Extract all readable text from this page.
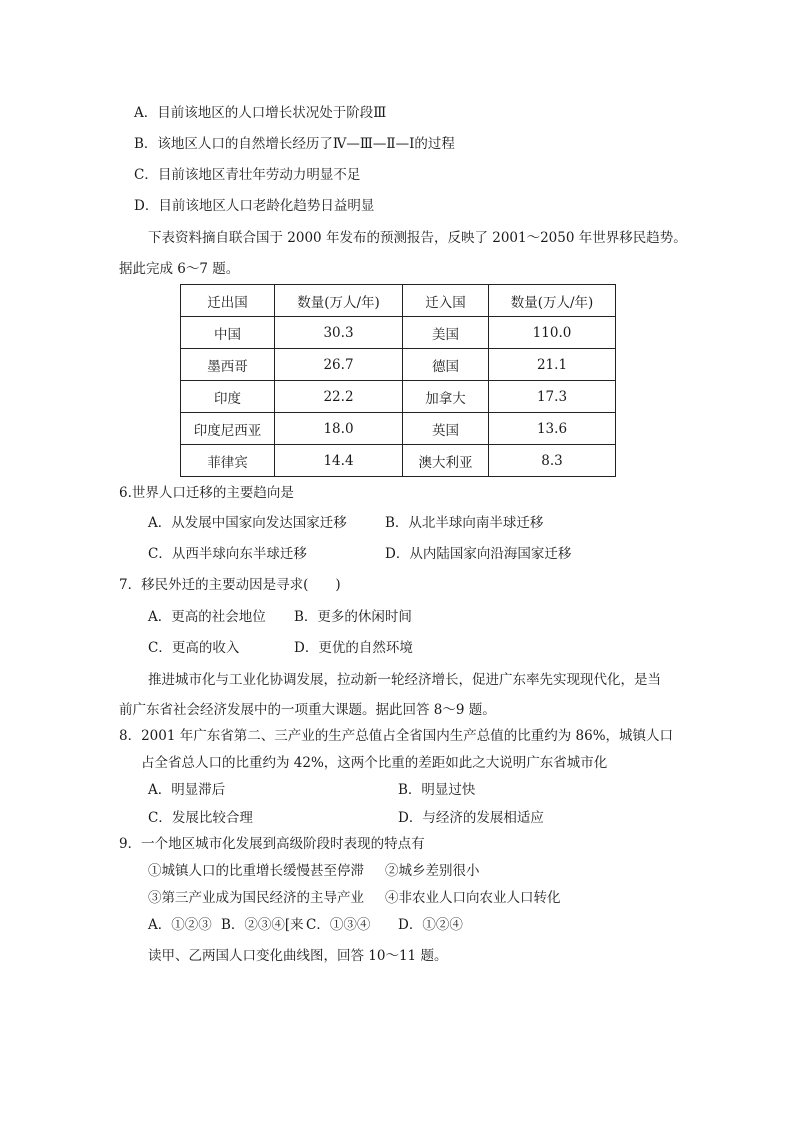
A．目前该地区的人口增长状况处于阶段Ⅲ
B．该地区人口的自然增长经历了Ⅳ—Ⅲ—Ⅱ—Ⅰ的过程
C．目前该地区青壮年劳动力明显不足
D．目前该地区人口老龄化趋势日益明显
下表资料摘自联合国于 2000 年发布的预测报告，反映了 2001～2050 年世界移民趋势。
据此完成 6～7 题。
迁出国	数量(万人/年)	迁入国	数量(万人/年)
中国	30.3	美国	110.0
墨西哥	26.7	德国	21.1
印度	22.2	加拿大	17.3
印度尼西亚	18.0	英国	13.6
菲律宾	14.4	澳大利亚	8.3
6.世界人口迁移的主要趋向是
A．从发展中国家向发达国家迁移	B．从北半球向南半球迁移
C．从西半球向东半球迁移	D．从内陆国家向沿海国家迁移
7．移民外迁的主要动因是寻求(　　)
A．更高的社会地位 B．更多的休闲时间
C．更高的收入	D．更优的自然环境
推进城市化与工业化协调发展，拉动新一轮经济增长，促进广东率先实现现代化，是当
前广东省社会经济发展中的一项重大课题。据此回答 8～9 题。
8．2001 年广东省第二、三产业的生产总值占全省国内生产总值的比重约为 86%，城镇人口
占全省总人口的比重约为 42%，这两个比重的差距如此之大说明广东省城市化
A．明显滞后	B．明显过快
C．发展比较合理	D．与经济的发展相适应
9．一个地区城市化发展到高级阶段时表现的特点有
①城镇人口的比重增长缓慢甚至停滞 ②城乡差别很小
③第三产业成为国民经济的主导产业 ④非农业人口向农业人口转化
A．①②③ B．②③④[来 C．①③④ D．①②④
读甲、乙两国人口变化曲线图，回答 10～11 题。
